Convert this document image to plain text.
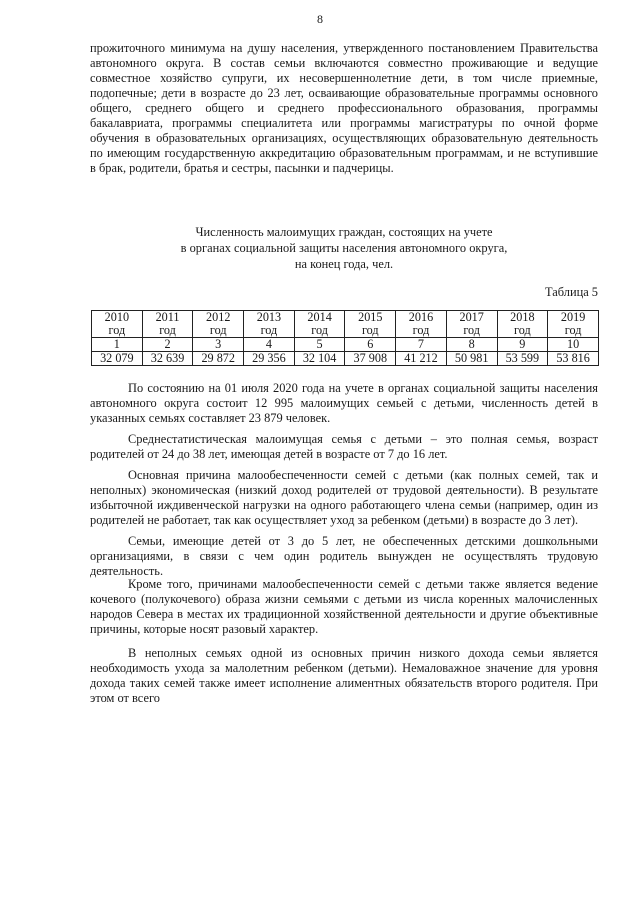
8

прожиточного минимума на душу населения, утвержденного постановлением Правительства автономного округа. В состав семьи включаются совместно проживающие и ведущие совместное хозяйство супруги, их несовершеннолетние дети, в том числе приемные, подопечные; дети в возрасте до 23 лет, осваивающие образовательные программы основного общего, среднего общего и среднего профессионального образования, программы бакалавриата, программы специалитета или программы магистратуры по очной форме обучения в образовательных организациях, осуществляющих образовательную деятельность по имеющим государственную аккредитацию образовательным программам, и не вступившие в брак, родители, братья и сестры, пасынки и падчерицы.

Численность малоимущих граждан, состоящих на учете
в органах социальной защиты населения автономного округа,
на конец года, чел.
Таблица 5
2010	2011	2012	2013	2014	2015	2016	2017	2018	2019
год	год	год	год	год	год	год	год	год	год
1	2	3	4	5	6	7	8	9	10
32 079	32 639	29 872	29 356	32 104	37 908	41 212	50 981	53 599	53 816

По состоянию на 01 июля 2020 года на учете в органах социальной защиты населения автономного округа состоит 12 995 малоимущих семьей с детьми, численность детей в указанных семьях составляет 23 879 человек.

Среднестатистическая малоимущая семья с детьми – это полная семья, возраст родителей от 24 до 38 лет, имеющая детей в возрасте от 7 до 16 лет.

Основная причина малообеспеченности семей с детьми (как полных семей, так и неполных) экономическая (низкий доход родителей от трудовой деятельности). В результате избыточной иждивенческой нагрузки на одного работающего члена семьи (например, один из родителей не работает, так как осуществляет уход за ребенком (детьми) в возрасте до 3 лет).

Семьи, имеющие детей от 3 до 5 лет, не обеспеченных детскими дошкольными организациями, в связи с чем один родитель вынужден не осуществлять трудовую деятельность.

Кроме того, причинами малообеспеченности семей с детьми также является ведение кочевого (полукочевого) образа жизни семьями с детьми из числа коренных малочисленных народов Севера в местах их традиционной хозяйственной деятельности и другие объективные причины, которые носят разовый характер.

В неполных семьях одной из основных причин низкого дохода семьи является необходимость ухода за малолетним ребенком (детьми). Немаловажное значение для уровня дохода таких семей также имеет исполнение алиментных обязательств второго родителя. При этом от всего
